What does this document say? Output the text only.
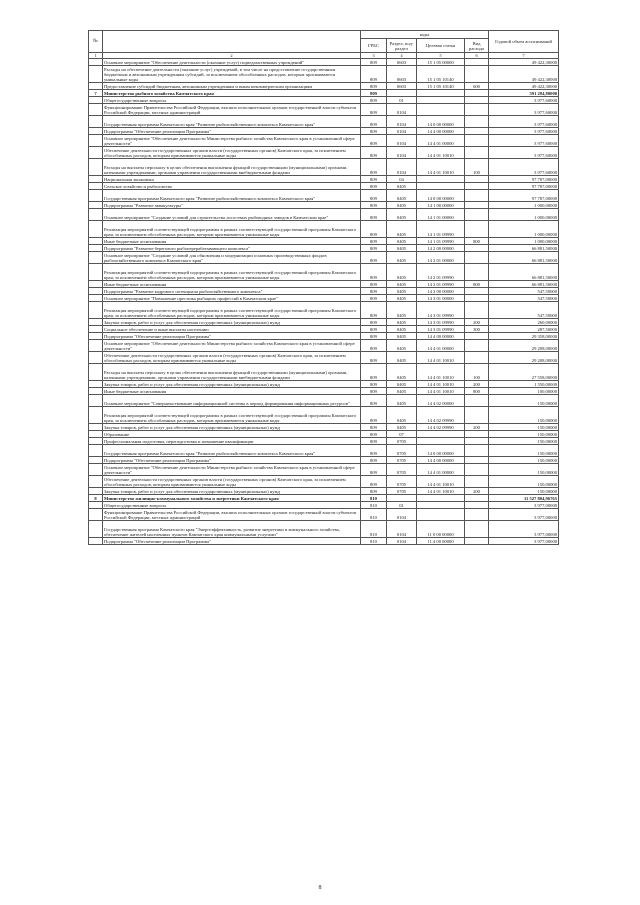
№		коды				Годовой объем ассигнований
		ГРБС	Раздел, под-раздел	Целевая статья	Вид расхода	
1	2	3	4	5	6	7
	Основное мероприятие "Обеспечение деятельности (оказание услуг) подведомственных учреждений"	809	0603	15 1 05 00000		49 422,30000
	Расходы на обеспечение деятельности (оказание услуг) учреждений, в том числе на предоставление государственным бюджетным и автономным учреждениям субсидий, за исключением обособленных расходов, которым присваиваются уникальные коды	809	0603	15 1 05 10140		49 422,30000
	Предоставление субсидий бюджетным, автономным учреждениям и иным некоммерческим организациям	809	0603	15 1 05 10140	600	49 422,30000
7	Министерство рыбного хозяйства Камчатского края	809				591 284,80000
	Общегосударственные вопросы	809	01			3 977,60000
	Функционирование Правительства Российской Федерации, высших исполнительных органов государственной власти субъектов Российской Федерации, местных администраций	809	0104			3 977,60000
	Государственная программа Камчатского края "Развитие рыбохозяйственного комплекса Камчатского края"	809	0104	14 0 00 00000		3 977,60000
	Подпрограмма "Обеспечение реализации Программы"	809	0104	14 4 00 00000		3 977,60000
	Основное мероприятие "Обеспечение деятельности Министерства рыбного хозяйства Камчатского края в установленной сфере деятельности"	809	0104	14 4 01 00000		3 977,60000
	Обеспечение деятельности государственных органов власти (государственных органов) Камчатского края, за исключением обособленных расходов, которым присваиваются уникальные коды	809	0104	14 4 01 10010		3 977,60000
	Расходы на выплаты персоналу в целях обеспечения выполнения функций государственными (муниципальными) органами, казенными учреждениями, органами управления государственными внебюджетными фондами	809	0104	14 4 01 10010	100	3 977,60000
	Национальная экономика	809	04			97 787,00000
	Сельское хозяйство и рыболовство	809	0405			97 787,00000
	Государственная программа Камчатского края "Развитие рыбохозяйственного комплекса Камчатского края"	809	0405	14 0 00 00000		97 787,00000
	Подпрограмма "Развитие аквакультуры"	809	0405	14 1 00 00000		1 000,00000
	Основное мероприятие "Создание условий для строительства лососевых рыбоводных заводов в Камчатском крае"	809	0405	14 1 01 00000		1 000,00000
	Реализация мероприятий соответствующей подпрограммы в рамках соответствующей государственной программы Камчатского края, за исключением обособленных расходов, которым присваиваются уникальные коды	809	0405	14 1 01 09990		1 000,00000
	Иные бюджетные ассигнования	809	0405	14 1 01 09990	800	1 000,00000
	Подпрограмма "Развитие берегового рыбоперерабатывающего комплекса"	809	0405	14 2 00 00000		66 881,50000
	Основное мероприятие "Создание условий для обновления и модернизации основных производственных фондов рыбохозяйственного комплекса Камчатского края"	809	0405	14 2 01 00000		66 881,50000
	Реализация мероприятий соответствующей подпрограммы в рамках соответствующей государственной программы Камчатского края, за исключением обособленных расходов, которым присваиваются уникальные коды	809	0405	14 2 01 09990		66 881,50000
	Иные бюджетные ассигнования	809	0405	14 2 01 09990	800	66 881,50000
	Подпрограмма "Развитие кадрового потенциала рыбохозяйственного комплекса"	809	0405	14 3 00 00000		547,50000
	Основное мероприятие "Повышение престижа рыбацких профессий в Камчатском крае"	809	0405	14 3 01 00000		547,50000
	Реализация мероприятий соответствующей подпрограммы в рамках соответствующей государственной программы Камчатского края, за исключением обособленных расходов, которым присваиваются уникальные коды	809	0405	14 3 01 09990		547,50000
	Закупка товаров, работ и услуг для обеспечения государственных (муниципальных) нужд	809	0405	14 3 01 09990	200	260,00000
	Социальное обеспечение и иные выплаты населению	809	0405	14 3 01 09990	300	287,50000
	Подпрограмма "Обеспечение реализации Программы"	809	0405	14 4 00 00000		29 358,00000
	Основное мероприятие "Обеспечение деятельности Министерства рыбного хозяйства Камчатского края в установленной сфере деятельности"	809	0405	14 4 01 00000		29 208,00000
	Обеспечение деятельности государственных органов власти (государственных органов) Камчатского края, за исключением обособленных расходов, которым присваиваются уникальные коды	809	0405	14 4 01 10010		29 208,00000
	Расходы на выплаты персоналу в целях обеспечения выполнения функций государственными (муниципальными) органами, казенными учреждениями, органами управления государственными внебюджетными фондами	809	0405	14 4 01 10010	100	27 558,00000
	Закупка товаров, работ и услуг для обеспечения государственных (муниципальных) нужд	809	0405	14 4 01 10010	200	1 550,00000
	Иные бюджетные ассигнования	809	0405	14 4 01 10010	800	100,00000
	Основное мероприятие "Совершенствование информационной системы в период формирования информационных ресурсов"	809	0405	14 4 02 00000		150,00000
	Реализация мероприятий соответствующей подпрограммы в рамках соответствующей государственной программы Камчатского края, за исключением обособленных расходов, которым присваиваются уникальные коды	809	0405	14 4 02 09990		150,00000
	Закупка товаров, работ и услуг для обеспечения государственных (муниципальных) нужд	809	0405	14 4 02 09990	200	150,00000
	Образование	809	07			150,00000
	Профессиональная подготовка, переподготовка и повышение квалификации	809	0705			150,00000
	Государственная программа Камчатского края "Развитие рыбохозяйственного комплекса Камчатского края"	809	0705	14 0 00 00000		150,00000
	Подпрограмма "Обеспечение реализации Программы"	809	0705	14 4 00 00000		150,00000
	Основное мероприятие "Обеспечение деятельности Министерства рыбного хозяйства Камчатского края в установленной сфере деятельности"	809	0705	14 4 01 00000		150,00000
	Обеспечение деятельности государственных органов власти (государственных органов) Камчатского края, за исключением обособленных расходов, которым присваиваются уникальные коды	809	0705	14 4 01 10010		150,00000
	Закупка товаров, работ и услуг для обеспечения государственных (муниципальных) нужд	809	0705	14 4 01 10010	200	150,00000
8	Министерство жилищно-коммунального хозяйства и энергетики Камчатского края	810				11 527 804,96765
	Общегосударственные вопросы	810	01			3 977,00000
	Функционирование Правительства Российской Федерации, высших исполнительных органов государственной власти субъектов Российской Федерации, местных администраций	810	0104			3 977,00000
	Государственная программа Камчатского края "Энергоэффективность, развитие энергетики и коммунального хозяйства, обеспечение жителей населенных пунктов Камчатского края коммунальными услугами"	810	0104	11 0 00 00000		3 977,00000
	Подпрограмма "Обеспечение реализации Программы"	810	0104	11 4 00 00000		3 977,00000
8
